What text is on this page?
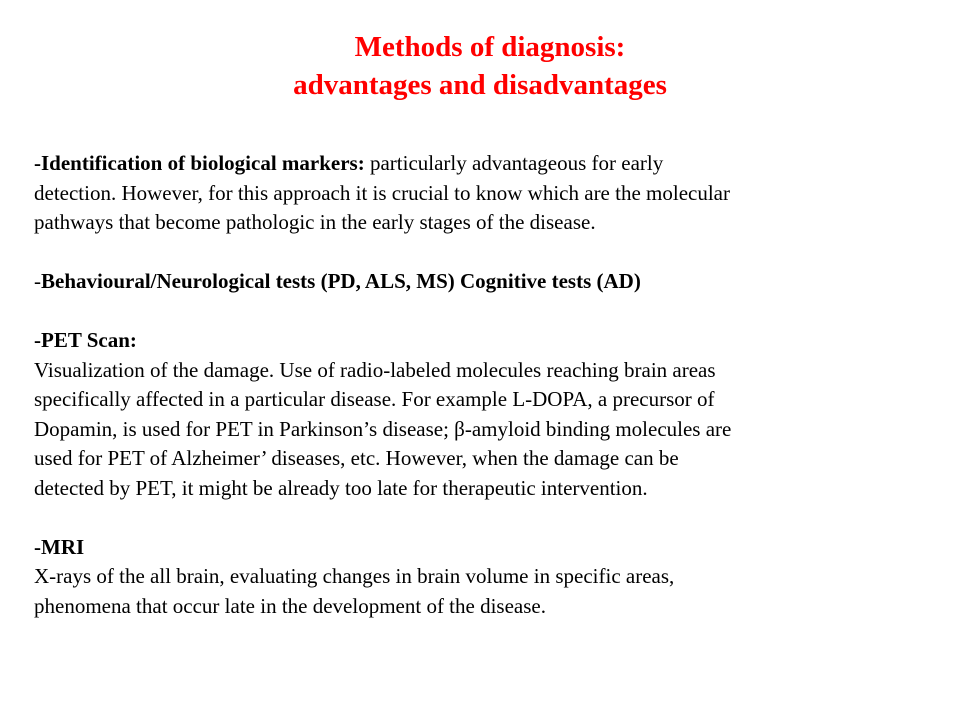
Methods of diagnosis:
advantages and disadvantages
-Identification of biological markers: particularly advantageous for early
detection. However, for this approach it is crucial to know which are the molecular
pathways that become pathologic in the early stages of the disease.
-Behavioural/Neurological tests (PD, ALS, MS) Cognitive tests (AD)
-PET Scan:
Visualization of the damage. Use of radio-labeled molecules reaching brain areas
specifically affected in a particular disease. For example L-DOPA, a precursor of
Dopamin, is used for PET in Parkinson’s disease; β-amyloid binding molecules are
used for PET of Alzheimer’ diseases, etc. However, when the damage can be
detected by PET, it might be already too late for therapeutic intervention.
-MRI
X-rays of the all brain, evaluating changes in brain volume in specific areas,
phenomena that occur late in the development of the disease.
